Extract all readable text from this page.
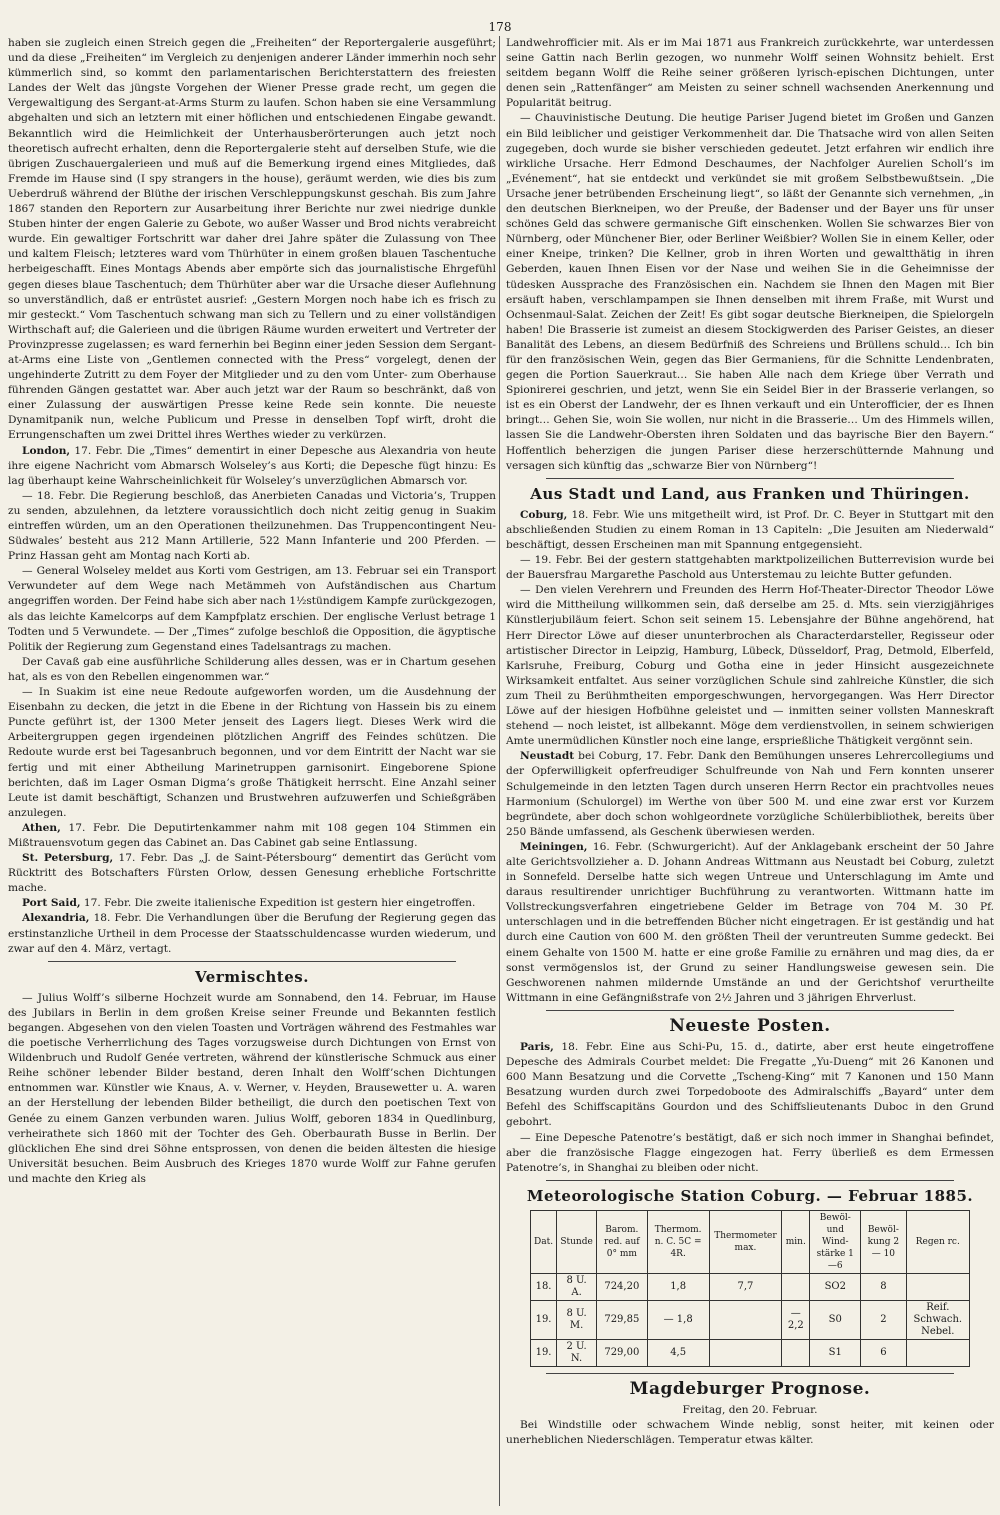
178

haben sie zugleich einen Streich gegen die „Freiheiten“ der Reportergalerie ausgeführt; und da diese „Freiheiten“ im Vergleich zu denjenigen anderer Länder immerhin noch sehr kümmerlich sind, so kommt den parlamentarischen Berichterstattern des freiesten Landes der Welt das jüngste Vorgehen der Wiener Presse grade recht, um gegen die Vergewaltigung des Sergant-at-Arms Sturm zu laufen. Schon haben sie eine Versammlung abgehalten und sich an letztern mit einer höflichen und entschiedenen Eingabe gewandt. Bekanntlich wird die Heimlichkeit der Unterhausberörterungen auch jetzt noch theoretisch aufrecht erhalten, denn die Reportergalerie steht auf derselben Stufe, wie die übrigen Zuschauergalerieen und muß auf die Bemerkung irgend eines Mitgliedes, daß Fremde im Hause sind (I spy strangers in the house), geräumt werden, wie dies bis zum Ueberdruß während der Blüthe der irischen Verschleppungskunst geschah. Bis zum Jahre 1867 standen den Reportern zur Ausarbeitung ihrer Berichte nur zwei niedrige dunkle Stuben hinter der engen Galerie zu Gebote, wo außer Wasser und Brod nichts verabreicht wurde. Ein gewaltiger Fortschritt war daher drei Jahre später die Zulassung von Thee und kaltem Fleisch; letzteres ward vom Thürhüter in einem großen blauen Taschentuche herbeigeschafft. Eines Montags Abends aber empörte sich das journalistische Ehrgefühl gegen dieses blaue Taschentuch; dem Thürhüter aber war die Ursache dieser Auflehnung so unverständlich, daß er entrüstet ausrief: „Gestern Morgen noch habe ich es frisch zu mir gesteckt.“ Vom Taschentuch schwang man sich zu Tellern und zu einer vollständigen Wirthschaft auf; die Galerieen und die übrigen Räume wurden erweitert und Vertreter der Provinzpresse zugelassen; es ward fernerhin bei Beginn einer jeden Session dem Sergant-at-Arms eine Liste von „Gentlemen connected with the Press“ vorgelegt, denen der ungehinderte Zutritt zu dem Foyer der Mitglieder und zu den vom Unter- zum Oberhause führenden Gängen gestattet war. Aber auch jetzt war der Raum so beschränkt, daß von einer Zulassung der auswärtigen Presse keine Rede sein konnte. Die neueste Dynamitpanik nun, welche Publicum und Presse in denselben Topf wirft, droht die Errungenschaften um zwei Drittel ihres Werthes wieder zu verkürzen.

London, 17. Febr. Die „Times“ dementirt in einer Depesche aus Alexandria von heute ihre eigene Nachricht vom Abmarsch Wolseley’s aus Korti; die Depesche fügt hinzu: Es lag überhaupt keine Wahrscheinlichkeit für Wolseley’s unverzüglichen Abmarsch vor.

— 18. Febr. Die Regierung beschloß, das Anerbieten Canadas und Victoria’s, Truppen zu senden, abzulehnen, da letztere voraussichtlich doch nicht zeitig genug in Suakim eintreffen würden, um an den Operationen theilzunehmen. Das Truppencontingent Neu-Südwales’ besteht aus 212 Mann Artillerie, 522 Mann Infanterie und 200 Pferden. — Prinz Hassan geht am Montag nach Korti ab.

— General Wolseley meldet aus Korti vom Gestrigen, am 13. Februar sei ein Transport Verwundeter auf dem Wege nach Metämmeh von Aufständischen aus Chartum angegriffen worden. Der Feind habe sich aber nach 1½stündigem Kampfe zurückgezogen, als das leichte Kamelcorps auf dem Kampfplatz erschien. Der englische Verlust betrage 1 Todten und 5 Verwundete. — Der „Times“ zufolge beschloß die Opposition, die ägyptische Politik der Regierung zum Gegenstand eines Tadelsantrags zu machen.

Der Cavaß gab eine ausführliche Schilderung alles dessen, was er in Chartum gesehen hat, als es von den Rebellen eingenommen war.“

— In Suakim ist eine neue Redoute aufgeworfen worden, um die Ausdehnung der Eisenbahn zu decken, die jetzt in die Ebene in der Richtung von Hassein bis zu einem Puncte geführt ist, der 1300 Meter jenseit des Lagers liegt. Dieses Werk wird die Arbeitergruppen gegen irgendeinen plötzlichen Angriff des Feindes schützen. Die Redoute wurde erst bei Tagesanbruch begonnen, und vor dem Eintritt der Nacht war sie fertig und mit einer Abtheilung Marinetruppen garnisonirt. Eingeborene Spione berichten, daß im Lager Osman Digma’s große Thätigkeit herrscht. Eine Anzahl seiner Leute ist damit beschäftigt, Schanzen und Brustwehren aufzuwerfen und Schießgräben anzulegen.

Athen, 17. Febr. Die Deputirtenkammer nahm mit 108 gegen 104 Stimmen ein Mißtrauensvotum gegen das Cabinet an. Das Cabinet gab seine Entlassung.

St. Petersburg, 17. Febr. Das „J. de Saint-Pétersbourg“ dementirt das Gerücht vom Rücktritt des Botschafters Fürsten Orlow, dessen Genesung erhebliche Fortschritte mache.

Port Said, 17. Febr. Die zweite italienische Expedition ist gestern hier eingetroffen.

Alexandria, 18. Febr. Die Verhandlungen über die Berufung der Regierung gegen das erstinstanzliche Urtheil in dem Processe der Staatsschuldencasse wurden wiederum, und zwar auf den 4. März, vertagt.

Vermischtes.

— Julius Wolff’s silberne Hochzeit wurde am Sonnabend, den 14. Februar, im Hause des Jubilars in Berlin in dem großen Kreise seiner Freunde und Bekannten festlich begangen. Abgesehen von den vielen Toasten und Vorträgen während des Festmahles war die poetische Verherrlichung des Tages vorzugsweise durch Dichtungen von Ernst von Wildenbruch und Rudolf Genée vertreten, während der künstlerische Schmuck aus einer Reihe schöner lebender Bilder bestand, deren Inhalt den Wolff’schen Dichtungen entnommen war. Künstler wie Knaus, A. v. Werner, v. Heyden, Brausewetter u. A. waren an der Herstellung der lebenden Bilder betheiligt, die durch den poetischen Text von Genée zu einem Ganzen verbunden waren. Julius Wolff, geboren 1834 in Quedlinburg, verheirathete sich 1860 mit der Tochter des Geh. Oberbaurath Busse in Berlin. Der glücklichen Ehe sind drei Söhne entsprossen, von denen die beiden ältesten die hiesige Universität besuchen. Beim Ausbruch des Krieges 1870 wurde Wolff zur Fahne gerufen und machte den Krieg als

Landwehrofficier mit. Als er im Mai 1871 aus Frankreich zurückkehrte, war unterdessen seine Gattin nach Berlin gezogen, wo nunmehr Wolff seinen Wohnsitz behielt. Erst seitdem begann Wolff die Reihe seiner größeren lyrisch-epischen Dichtungen, unter denen sein „Rattenfänger“ am Meisten zu seiner schnell wachsenden Anerkennung und Popularität beitrug.

— Chauvinistische Deutung. Die heutige Pariser Jugend bietet im Großen und Ganzen ein Bild leiblicher und geistiger Verkommenheit dar. Die Thatsache wird von allen Seiten zugegeben, doch wurde sie bisher verschieden gedeutet. Jetzt erfahren wir endlich ihre wirkliche Ursache. Herr Edmond Deschaumes, der Nachfolger Aurelien Scholl’s im „Evénement“, hat sie entdeckt und verkündet sie mit großem Selbstbewußtsein. „Die Ursache jener betrübenden Erscheinung liegt“, so läßt der Genannte sich vernehmen, „in den deutschen Bierkneipen, wo der Preuße, der Badenser und der Bayer uns für unser schönes Geld das schwere germanische Gift einschenken. Wollen Sie schwarzes Bier von Nürnberg, oder Münchener Bier, oder Berliner Weißbier? Wollen Sie in einem Keller, oder einer Kneipe, trinken? Die Kellner, grob in ihren Worten und gewaltthätig in ihren Geberden, kauen Ihnen Eisen vor der Nase und weihen Sie in die Geheimnisse der tüdesken Aussprache des Französischen ein. Nachdem sie Ihnen den Magen mit Bier ersäuft haben, verschlampampen sie Ihnen denselben mit ihrem Fraße, mit Wurst und Ochsenmaul-Salat. Zeichen der Zeit! Es gibt sogar deutsche Bierkneipen, die Spielorgeln haben! Die Brasserie ist zumeist an diesem Stockigwerden des Pariser Geistes, an dieser Banalität des Lebens, an diesem Bedürfniß des Schreiens und Brüllens schuld… Ich bin für den französischen Wein, gegen das Bier Germaniens, für die Schnitte Lendenbraten, gegen die Portion Sauerkraut… Sie haben Alle nach dem Kriege über Verrath und Spionirerei geschrien, und jetzt, wenn Sie ein Seidel Bier in der Brasserie verlangen, so ist es ein Oberst der Landwehr, der es Ihnen verkauft und ein Unterofficier, der es Ihnen bringt… Gehen Sie, woin Sie wollen, nur nicht in die Brasserie… Um des Himmels willen, lassen Sie die Landwehr-Obersten ihren Soldaten und das bayrische Bier den Bayern.“ Hoffentlich beherzigen die jungen Pariser diese herzerschütternde Mahnung und versagen sich künftig das „schwarze Bier von Nürnberg“!

Aus Stadt und Land, aus Franken und Thüringen.

Coburg, 18. Febr. Wie uns mitgetheilt wird, ist Prof. Dr. C. Beyer in Stuttgart mit den abschließenden Studien zu einem Roman in 13 Capiteln: „Die Jesuiten am Niederwald“ beschäftigt, dessen Erscheinen man mit Spannung entgegensieht.

— 19. Febr. Bei der gestern stattgehabten marktpolizeilichen Butterrevision wurde bei der Bauersfrau Margarethe Paschold aus Unterstemau zu leichte Butter gefunden.

— Den vielen Verehrern und Freunden des Herrn Hof-Theater-Director Theodor Löwe wird die Mittheilung willkommen sein, daß derselbe am 25. d. Mts. sein vierzigjähriges Künstlerjubiläum feiert. Schon seit seinem 15. Lebensjahre der Bühne angehörend, hat Herr Director Löwe auf dieser ununterbrochen als Characterdarsteller, Regisseur oder artistischer Director in Leipzig, Hamburg, Lübeck, Düsseldorf, Prag, Detmold, Elberfeld, Karlsruhe, Freiburg, Coburg und Gotha eine in jeder Hinsicht ausgezeichnete Wirksamkeit entfaltet. Aus seiner vorzüglichen Schule sind zahlreiche Künstler, die sich zum Theil zu Berühmtheiten emporgeschwungen, hervorgegangen. Was Herr Director Löwe auf der hiesigen Hofbühne geleistet und — inmitten seiner vollsten Manneskraft stehend — noch leistet, ist allbekannt. Möge dem verdienstvollen, in seinem schwierigen Amte unermüdlichen Künstler noch eine lange, ersprießliche Thätigkeit vergönnt sein.

Neustadt bei Coburg, 17. Febr. Dank den Bemühungen unseres Lehrercollegiums und der Opferwilligkeit opferfreudiger Schulfreunde von Nah und Fern konnten unserer Schulgemeinde in den letzten Tagen durch unseren Herrn Rector ein prachtvolles neues Harmonium (Schulorgel) im Werthe von über 500 M. und eine zwar erst vor Kurzem begründete, aber doch schon wohlgeordnete vorzügliche Schülerbibliothek, bereits über 250 Bände umfassend, als Geschenk überwiesen werden.

Meiningen, 16. Febr. (Schwurgericht). Auf der Anklagebank erscheint der 50 Jahre alte Gerichtsvollzieher a. D. Johann Andreas Wittmann aus Neustadt bei Coburg, zuletzt in Sonnefeld. Derselbe hatte sich wegen Untreue und Unterschlagung im Amte und daraus resultirender unrichtiger Buchführung zu verantworten. Wittmann hatte im Vollstreckungsverfahren eingetriebene Gelder im Betrage von 704 M. 30 Pf. unterschlagen und in die betreffenden Bücher nicht eingetragen. Er ist geständig und hat durch eine Caution von 600 M. den größten Theil der veruntreuten Summe gedeckt. Bei einem Gehalte von 1500 M. hatte er eine große Familie zu ernähren und mag dies, da er sonst vermögenslos ist, der Grund zu seiner Handlungsweise gewesen sein. Die Geschworenen nahmen mildernde Umstände an und der Gerichtshof verurtheilte Wittmann in eine Gefängnißstrafe von 2½ Jahren und 3 jährigen Ehrverlust.

Neueste Posten.

Paris, 18. Febr. Eine aus Schi-Pu, 15. d., datirte, aber erst heute eingetroffene Depesche des Admirals Courbet meldet: Die Fregatte „Yu-Dueng“ mit 26 Kanonen und 600 Mann Besatzung und die Corvette „Tscheng-King“ mit 7 Kanonen und 150 Mann Besatzung wurden durch zwei Torpedoboote des Admiralschiffs „Bayard“ unter dem Befehl des Schiffscapitäns Gourdon und des Schiffslieutenants Duboc in den Grund gebohrt.

— Eine Depesche Patenotre’s bestätigt, daß er sich noch immer in Shanghai befindet, aber die französische Flagge eingezogen hat. Ferry überließ es dem Ermessen Patenotre’s, in Shanghai zu bleiben oder nicht.

Meteorologische Station Coburg. — Februar 1885.
Dat.	Stunde	Barom. red. auf 0° mm	Thermom. n. C. 5C = 4R.	Thermometer max.	min.	Bewöl- und Wind- stärke 1—6	Bewöl- kung 2 — 10	Regen rc.
18.	8 U. A.	724,20	1,8	7,7		SO2	8	
19.	8 U. M.	729,85	— 1,8		— 2,2	S0	2	Reif. Schwach. Nebel.
19.	2 U. N.	729,00	4,5			S1	6	
Magdeburger Prognose.
Freitag, den 20. Februar.

Bei Windstille oder schwachem Winde neblig, sonst heiter, mit keinen oder unerheblichen Niederschlägen. Temperatur etwas kälter.
